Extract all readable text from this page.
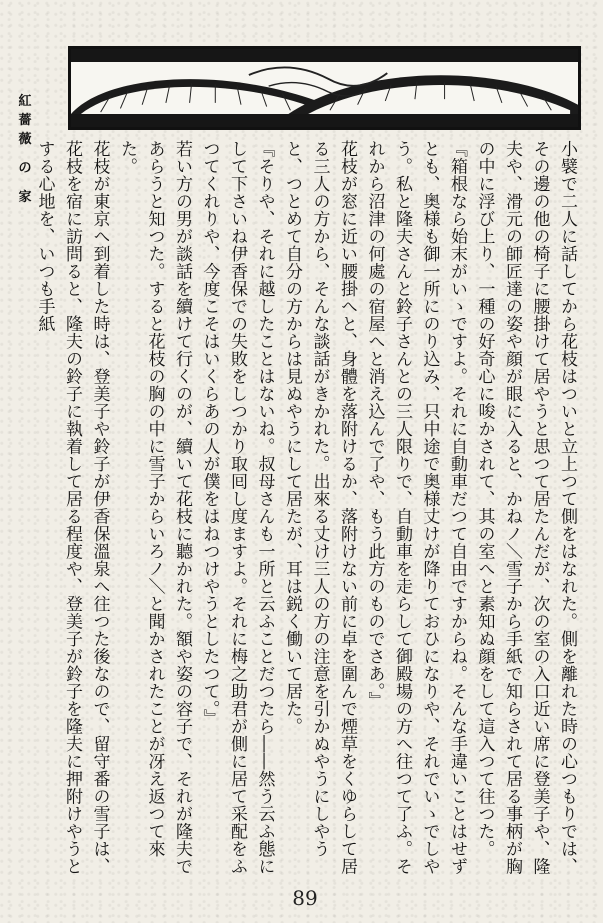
紅
薔
薇
の
家	小襞で二人に話してから花枝はついと立上つて側をはなれた。側を離れた時の心つもりでは、その邊の他の椅子に腰掛けて居やうと思つて居たんだが、次の室の入口近い席に登美子や、隆夫や、滑元の師匠達の姿や顔が眼に入ると、かねノ＼雪子から手紙で知らされて居る事柄が胸の中に浮び上り、一種の好奇心に唆かされて、其の室へと素知ぬ顔をして這入つて往つた。

『箱根なら始末がいゝですよ。それに自動車だつて自由ですからね。そんな手違いことはせずとも、奥様も御一所にのり込み、只中途で奥様丈けが降りておひになりや、それでいゝでしやう。私と隆夫さんと鈴子さんとの三人限りで、自動車を走らして御殿場の方へ往つて了ふ。それから沼津の何處の宿屋へと消え込んで了や、もう此方のものでさあ。』

花枝が窓に近い腰掛へと、身體を落附けるか、落附けない前に卓を圍んで煙草をくゆらして居る三人の方から、そんな談話がきかれた。出來る丈け三人の方の注意を引かぬやうにしやうと、つとめて自分の方からは見ぬやうにして居たが、耳は鋭く働いて居た。

『そりや、それに越したことはないね。叔母さんも一所と云ふことだつたら――然う云ふ態にして下さいね伊香保での失敗をしつかり取囘し度ますよ。それに梅之助君が側に居て采配をふつてくれりや、今度こそはいくらあの人が僕をはねつけやうとしたつて。』

若い方の男が談話を續けて行くのが、續いて花枝に聽かれた。額や姿の容子で、それが隆夫であらうと知つた。すると花枝の胸の中に雪子からいろノ＼と聞かされたことが冴え返つて來た。

花枝が東京へ到着した時は、登美子や鈴子が伊香保溫泉へ往つた後なので、留守番の雪子は、花枝を宿に訪問ると、隆夫の鈴子に執着して居る程度や、登美子が鈴子を隆夫に押附けやうとする心地を、いつも手紙

89
